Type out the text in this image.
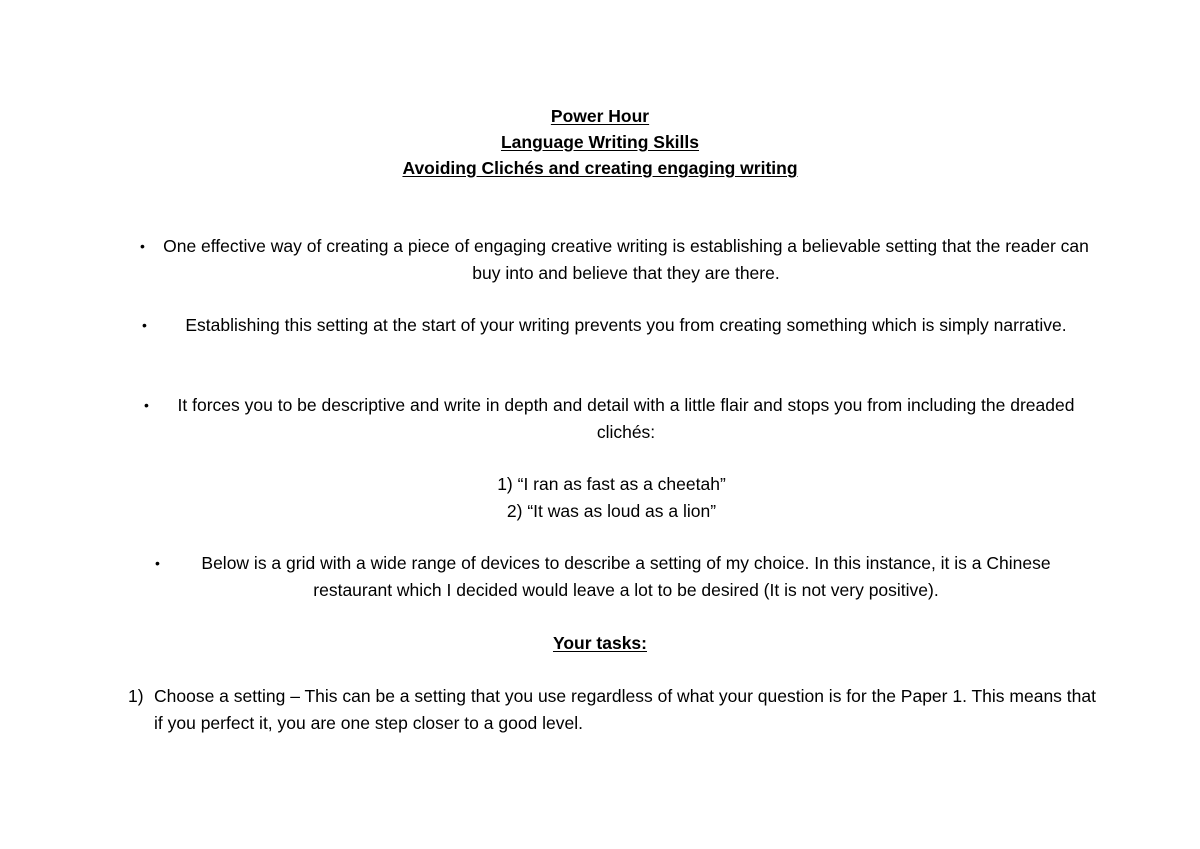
Power Hour
Language Writing Skills
Avoiding Clichés and creating engaging writing
• One effective way of creating a piece of engaging creative writing is establishing a believable setting that the reader can buy into and believe that they are there.
• Establishing this setting at the start of your writing prevents you from creating something which is simply narrative.
• It forces you to be descriptive and write in depth and detail with a little flair and stops you from including the dreaded clichés:
1) “I ran as fast as a cheetah”
2) “It was as loud as a lion”
• Below is a grid with a wide range of devices to describe a setting of my choice. In this instance, it is a Chinese restaurant which I decided would leave a lot to be desired (It is not very positive).
Your tasks:
1) Choose a setting – This can be a setting that you use regardless of what your question is for the Paper 1. This means that if you perfect it, you are one step closer to a good level.
